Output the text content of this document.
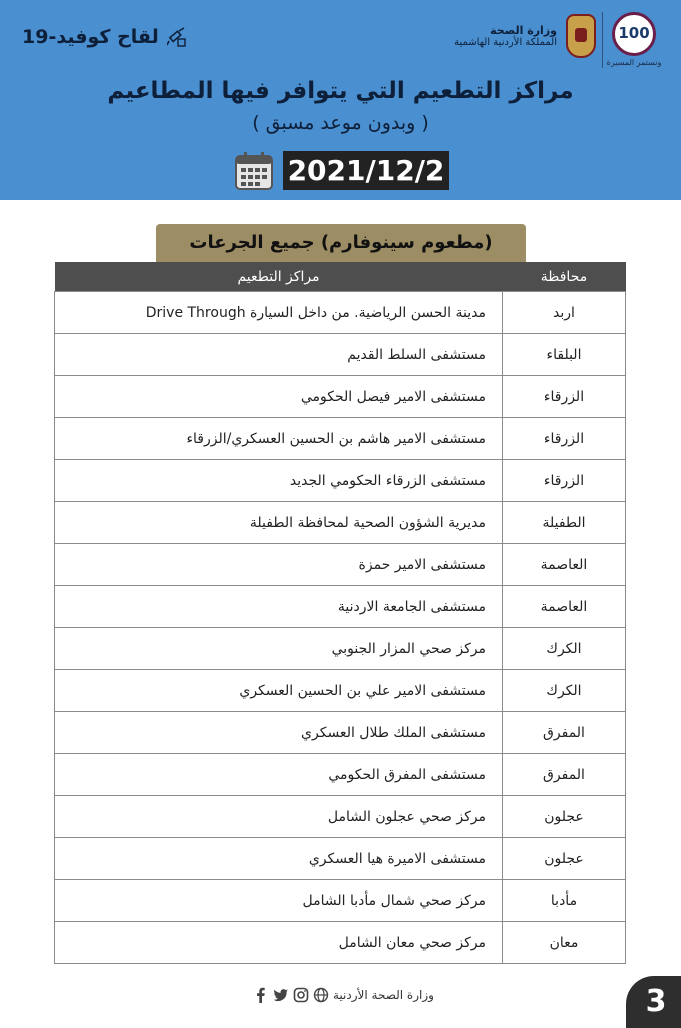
لقاح كوفيد-19	وزارة الصحة
المملكة الأردنية الهاشمية
100
ونستمر المسيرة
مراكز التطعيم التي يتوافر فيها المطاعيم
( وبدون موعد مسبق )
2021/12/2
(مطعوم سينوفارم) جميع الجرعات
محافظة	مراكز التطعيم
اربد	مدينة الحسن الرياضية. من داخل السيارة Drive Through
البلقاء	مستشفى السلط القديم
الزرقاء	مستشفى الامير فيصل الحكومي
الزرقاء	مستشفى الامير هاشم بن الحسين العسكري/الزرقاء
الزرقاء	مستشفى الزرقاء الحكومي الجديد
الطفيلة	مديرية الشؤون الصحية لمحافظة الطفيلة
العاصمة	مستشفى الامير حمزة
العاصمة	مستشفى الجامعة الاردنية
الكرك	مركز صحي المزار الجنوبي
الكرك	مستشفى الامير علي بن الحسين العسكري
المفرق	مستشفى الملك طلال العسكري
المفرق	مستشفى المفرق الحكومي
عجلون	مركز صحي عجلون الشامل
عجلون	مستشفى الاميرة هيا العسكري
مأدبا	مركز صحي شمال مأدبا الشامل
معان	مركز صحي معان الشامل
وزارة الصحة الأردنية	3
